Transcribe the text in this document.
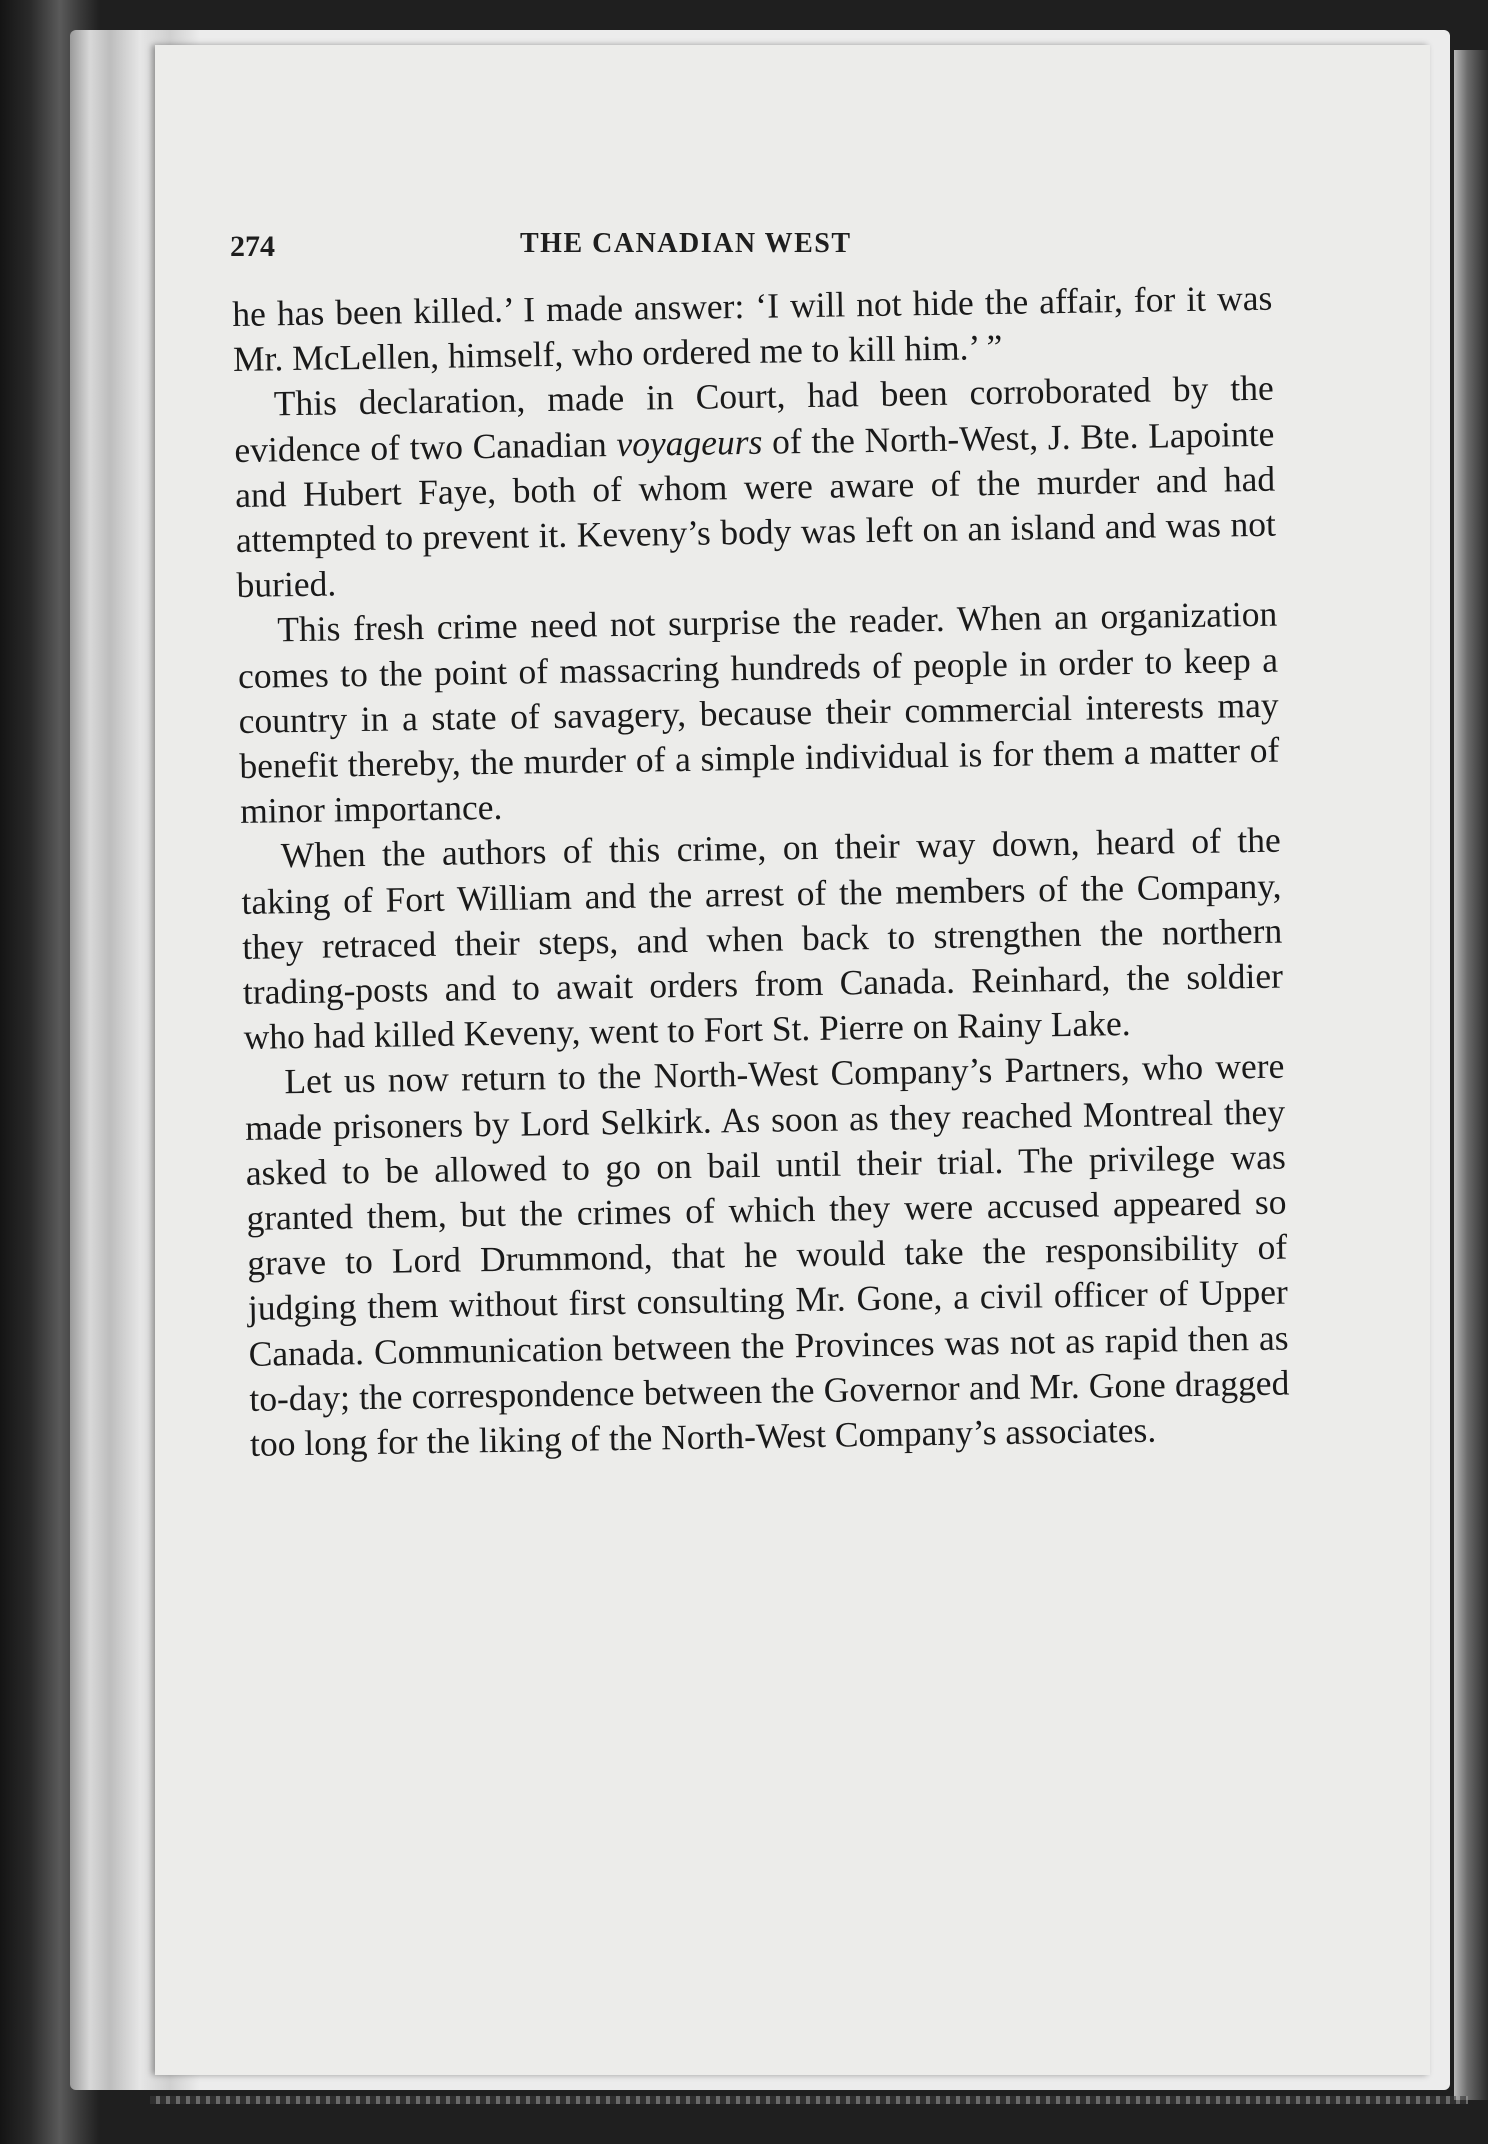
274	THE CANADIAN WEST

he has been killed.’ I made answer: ‘I will not hide the affair, for it was Mr. McLellen, himself, who ordered me to kill him.’ ”

This declaration, made in Court, had been corroborated by the evidence of two Canadian voyageurs of the North-West, J. Bte. Lapointe and Hubert Faye, both of whom were aware of the murder and had attempted to prevent it. Keveny’s body was left on an island and was not buried.

This fresh crime need not surprise the reader. When an organization comes to the point of massacring hundreds of people in order to keep a country in a state of savagery, because their commercial interests may benefit thereby, the murder of a simple individual is for them a matter of minor importance.

When the authors of this crime, on their way down, heard of the taking of Fort William and the arrest of the members of the Company, they retraced their steps, and when back to strengthen the northern trading-posts and to await orders from Canada. Reinhard, the soldier who had killed Keveny, went to Fort St. Pierre on Rainy Lake.

Let us now return to the North-West Company’s Partners, who were made prisoners by Lord Selkirk. As soon as they reached Montreal they asked to be allowed to go on bail until their trial. The privilege was granted them, but the crimes of which they were accused appeared so grave to Lord Drummond, that he would take the responsibility of judging them without first consulting Mr. Gone, a civil officer of Upper Canada. Communication between the Provinces was not as rapid then as to-day; the correspondence between the Governor and Mr. Gone dragged too long for the liking of the North-West Company’s associates.
